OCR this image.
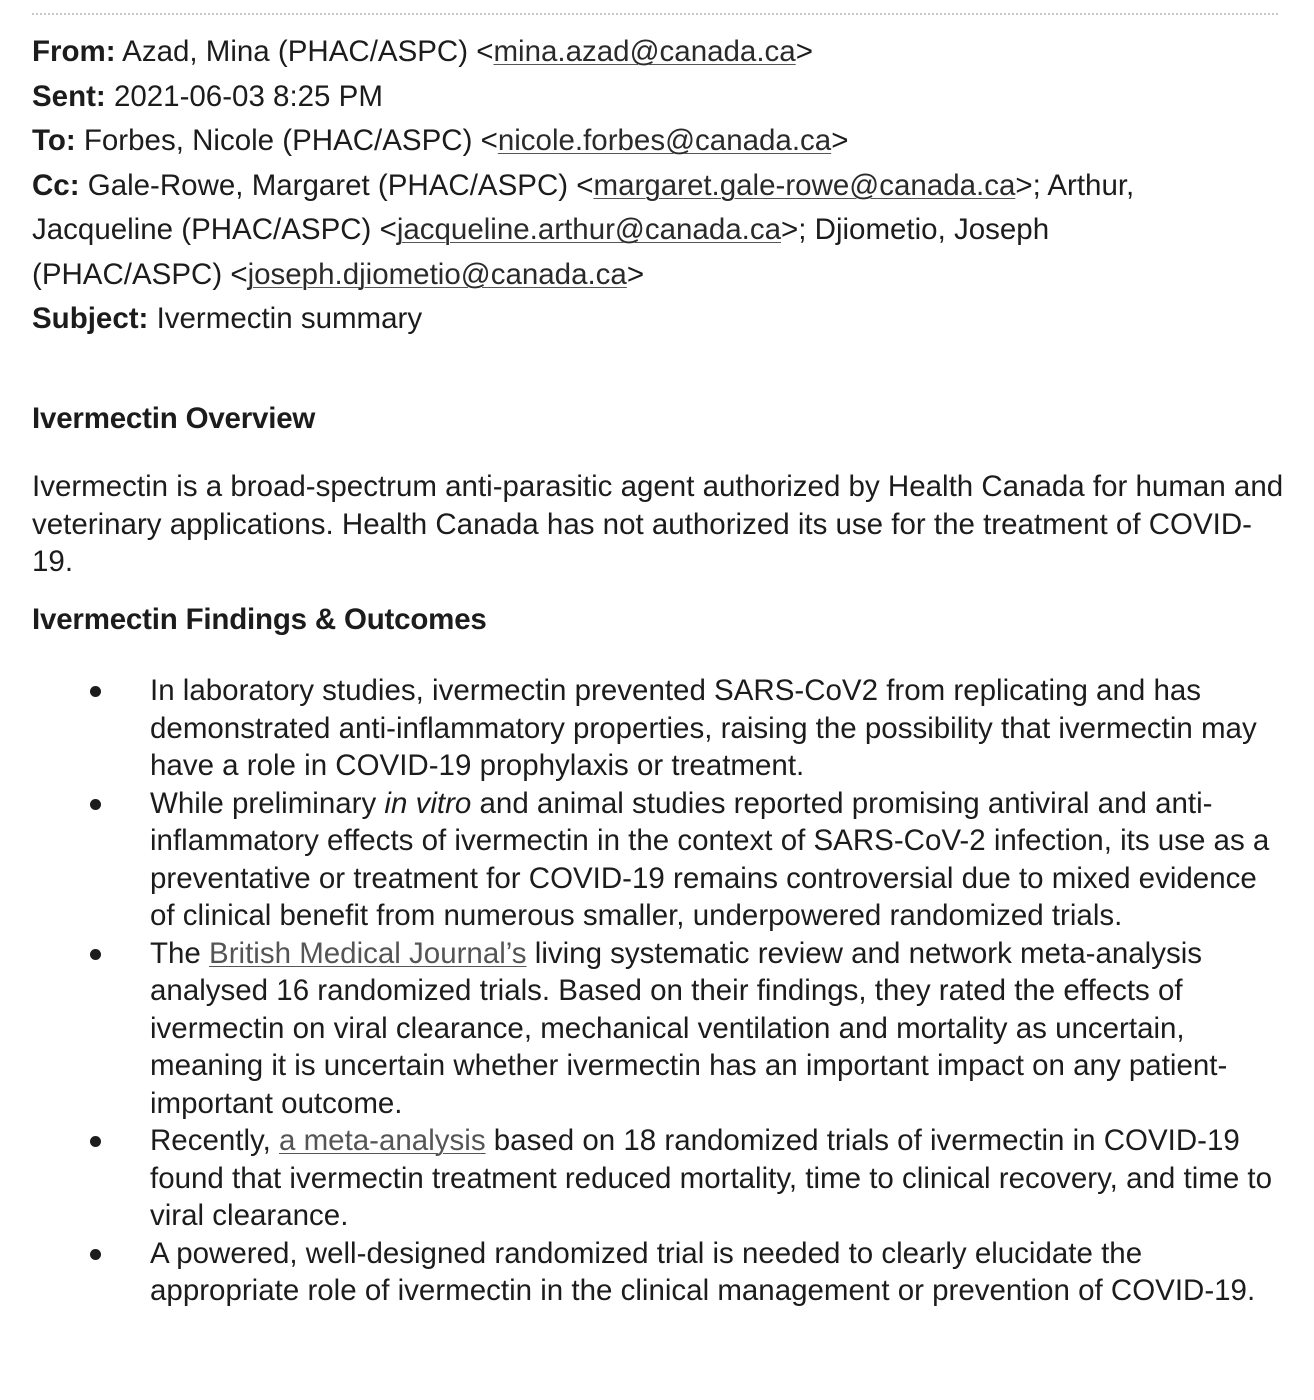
From: Azad, Mina (PHAC/ASPC) <mina.azad@canada.ca>
Sent: 2021-06-03 8:25 PM
To: Forbes, Nicole (PHAC/ASPC) <nicole.forbes@canada.ca>
Cc: Gale-Rowe, Margaret (PHAC/ASPC) <margaret.gale-rowe@canada.ca>; Arthur,
Jacqueline (PHAC/ASPC) <jacqueline.arthur@canada.ca>; Djiometio, Joseph
(PHAC/ASPC) <joseph.djiometio@canada.ca>
Subject: Ivermectin summary
Ivermectin Overview
Ivermectin is a broad-spectrum anti-parasitic agent authorized by Health Canada for human and veterinary applications. Health Canada has not authorized its use for the treatment of COVID-19.
Ivermectin Findings & Outcomes
In laboratory studies, ivermectin prevented SARS-CoV2 from replicating and has demonstrated anti-inflammatory properties, raising the possibility that ivermectin may have a role in COVID-19 prophylaxis or treatment.
While preliminary in vitro and animal studies reported promising antiviral and anti-inflammatory effects of ivermectin in the context of SARS-CoV-2 infection, its use as a preventative or treatment for COVID-19 remains controversial due to mixed evidence of clinical benefit from numerous smaller, underpowered randomized trials.
The British Medical Journal’s living systematic review and network meta-analysis analysed 16 randomized trials. Based on their findings, they rated the effects of ivermectin on viral clearance, mechanical ventilation and mortality as uncertain, meaning it is uncertain whether ivermectin has an important impact on any patient-important outcome.
Recently, a meta-analysis based on 18 randomized trials of ivermectin in COVID-19 found that ivermectin treatment reduced mortality, time to clinical recovery, and time to viral clearance.
A powered, well-designed randomized trial is needed to clearly elucidate the appropriate role of ivermectin in the clinical management or prevention of COVID-19.
